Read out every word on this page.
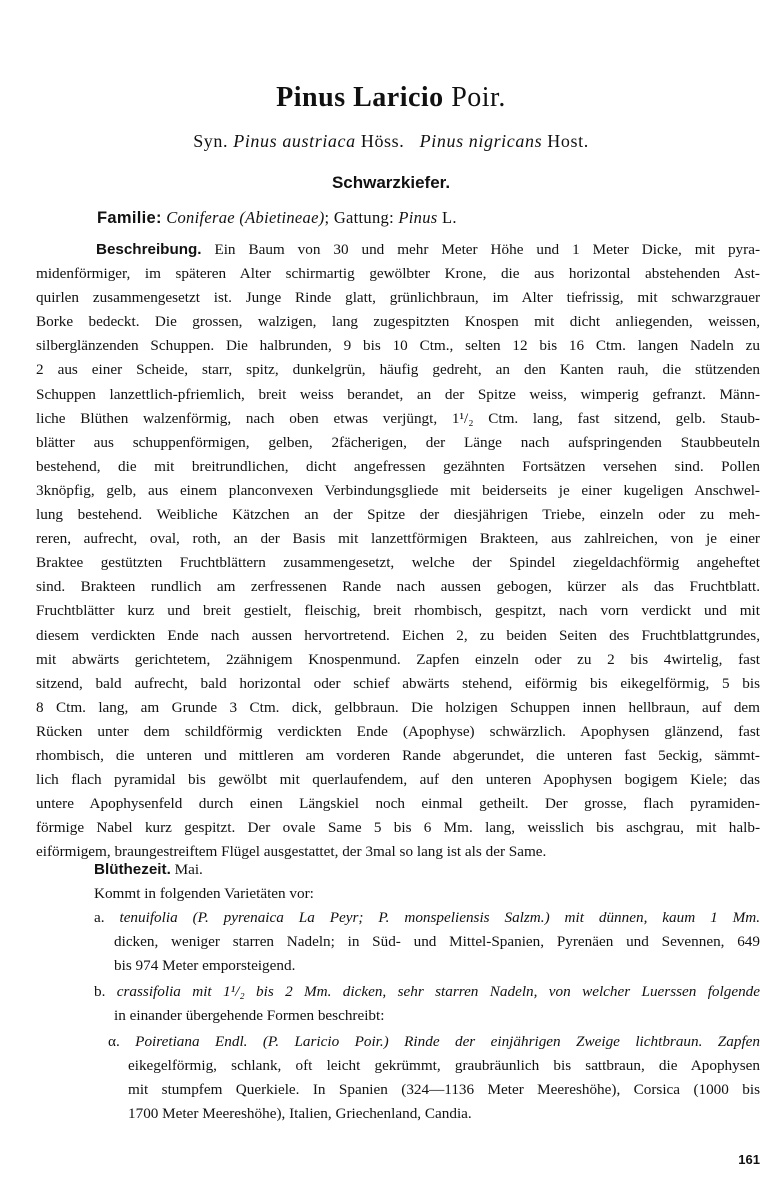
Pinus Laricio Poir.
Syn. Pinus austriaca Höss. Pinus nigricans Host.
Schwarzkiefer.
Familie: Coniferae (Abietineae); Gattung: Pinus L.
Beschreibung. Ein Baum von 30 und mehr Meter Höhe und 1 Meter Dicke, mit pyra-
midenförmiger, im späteren Alter schirmartig gewölbter Krone, die aus horizontal abstehenden Ast-
quirlen zusammengesetzt ist. Junge Rinde glatt, grünlichbraun, im Alter tiefrissig, mit schwarzgrauer
Borke bedeckt. Die grossen, walzigen, lang zugespitzten Knospen mit dicht anliegenden, weissen,
silberglänzenden Schuppen. Die halbrunden, 9 bis 10 Ctm., selten 12 bis 16 Ctm. langen Nadeln zu
2 aus einer Scheide, starr, spitz, dunkelgrün, häufig gedreht, an den Kanten rauh, die stützenden
Schuppen lanzettlich-pfriemlich, breit weiss berandet, an der Spitze weiss, wimperig gefranzt. Männ-
liche Blüthen walzenförmig, nach oben etwas verjüngt, 1¹/₂ Ctm. lang, fast sitzend, gelb. Staub-
blätter aus schuppenförmigen, gelben, 2fächerigen, der Länge nach aufspringenden Staubbeuteln
bestehend, die mit breitrundlichen, dicht angefressen gezähnten Fortsätzen versehen sind. Pollen
3knöpfig, gelb, aus einem planconvexen Verbindungsgliede mit beiderseits je einer kugeligen Anschwel-
lung bestehend. Weibliche Kätzchen an der Spitze der diesjährigen Triebe, einzeln oder zu meh-
reren, aufrecht, oval, roth, an der Basis mit lanzettförmigen Brakteen, aus zahlreichen, von je einer
Braktee gestützten Fruchtblättern zusammengesetzt, welche der Spindel ziegeldachförmig angeheftet
sind. Brakteen rundlich am zerfressenen Rande nach aussen gebogen, kürzer als das Fruchtblatt.
Fruchtblätter kurz und breit gestielt, fleischig, breit rhombisch, gespitzt, nach vorn verdickt und mit
diesem verdickten Ende nach aussen hervortretend. Eichen 2, zu beiden Seiten des Fruchtblattgrundes,
mit abwärts gerichtetem, 2zähnigem Knospenmund. Zapfen einzeln oder zu 2 bis 4wirtelig, fast
sitzend, bald aufrecht, bald horizontal oder schief abwärts stehend, eiförmig bis eikegelförmig, 5 bis
8 Ctm. lang, am Grunde 3 Ctm. dick, gelbbraun. Die holzigen Schuppen innen hellbraun, auf dem
Rücken unter dem schildförmig verdickten Ende (Apophyse) schwärzlich. Apophysen glänzend, fast
rhombisch, die unteren und mittleren am vorderen Rande abgerundet, die unteren fast 5eckig, sämmt-
lich flach pyramidal bis gewölbt mit querlaufendem, auf den unteren Apophysen bogigem Kiele; das
untere Apophysenfeld durch einen Längskiel noch einmal getheilt. Der grosse, flach pyramiden-
förmige Nabel kurz gespitzt. Der ovale Same 5 bis 6 Mm. lang, weisslich bis aschgrau, mit halb-
eiförmigem, braungestreiftem Flügel ausgestattet, der 3mal so lang ist als der Same.
Blüthezeit. Mai.
Kommt in folgenden Varietäten vor:
a. tenuifolia (P. pyrenaica La Peyr; P. monspeliensis Salzm.) mit dünnen, kaum 1 Mm.
dicken, weniger starren Nadeln; in Süd- und Mittel-Spanien, Pyrenäen und Sevennen, 649
bis 974 Meter emporsteigend.
b. crassifolia mit 1¹/₂ bis 2 Mm. dicken, sehr starren Nadeln, von welcher Luerssen folgende
in einander übergehende Formen beschreibt:
α. Poiretiana Endl. (P. Laricio Poir.) Rinde der einjährigen Zweige lichtbraun. Zapfen
eikegelförmig, schlank, oft leicht gekrümmt, graubräunlich bis sattbraun, die Apophysen
mit stumpfem Querkiele. In Spanien (324—1136 Meter Meereshöhe), Corsica (1000 bis
1700 Meter Meereshöhe), Italien, Griechenland, Candia.
161
